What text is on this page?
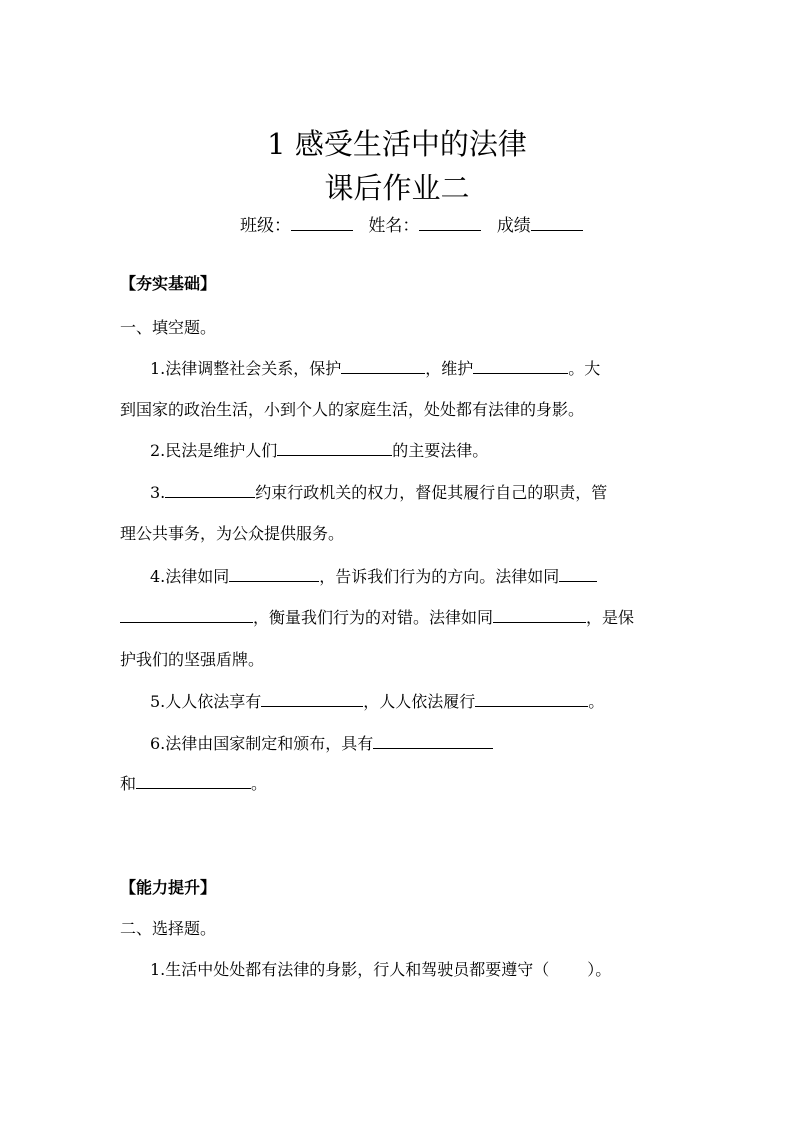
1 感受生活中的法律
课后作业二
班级：	姓名：	成绩
【夯实基础】
一、填空题。
1.法律调整社会关系，保护	，维护	。大
到国家的政治生活，小到个人的家庭生活，处处都有法律的身影。
2.民法是维护人们	的主要法律。
3.	约束行政机关的权力，督促其履行自己的职责，管
理公共事务，为公众提供服务。
4.法律如同	，告诉我们行为的方向。法律如同
，衡量我们行为的对错。法律如同	，是保
护我们的坚强盾牌。
5.人人依法享有	，人人依法履行	。
6.法律由国家制定和颁布，具有
和	。
【能力提升】
二、选择题。
1.生活中处处都有法律的身影，行人和驾驶员都要遵守（ ）。
